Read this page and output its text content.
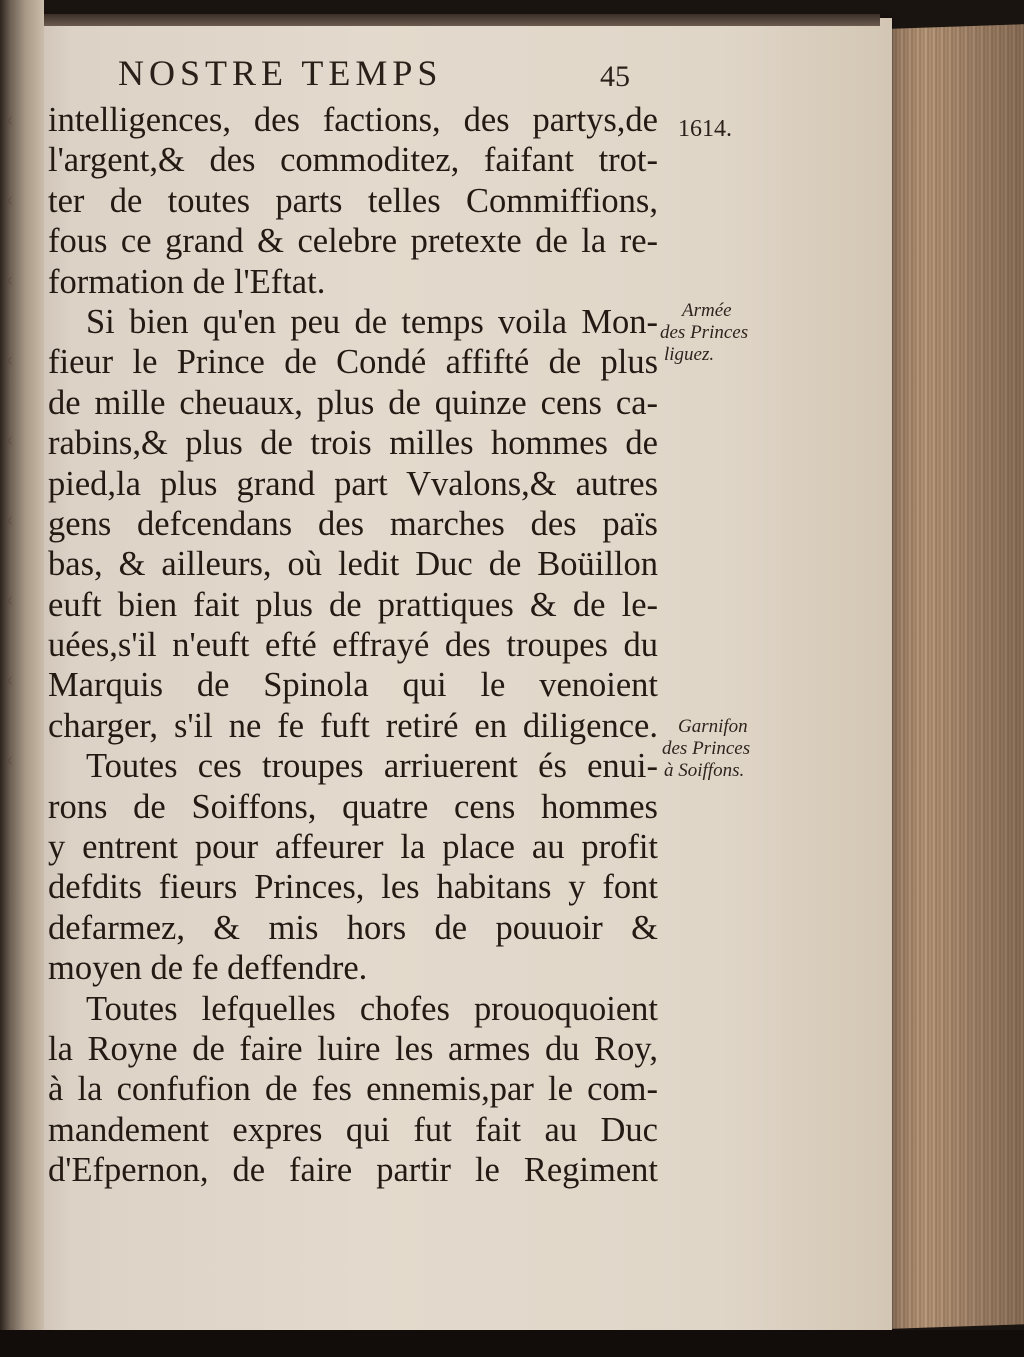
‹
‹
‹
‹
‹
‹
‹
‹
‹
NOSTRE TEMPS	45
1614.
intelligences, des factions, des partys,de
l'argent,& des commoditez, faifant trot-
ter de toutes parts telles Commiffions,
fous ce grand & celebre pretexte de la re-
formation de l'Eftat.
Si bien qu'en peu de temps voila Mon-
fieur le Prince de Condé affifté de plus
de mille cheuaux, plus de quinze cens ca-
rabins,& plus de trois milles hommes de
pied,la plus grand part Vvalons,& autres
gens defcendans des marches des païs
bas, & ailleurs, où ledit Duc de Boüillon
euft bien fait plus de prattiques & de le-
uées,s'il n'euft efté effrayé des troupes du
Marquis de Spinola qui le venoient
charger, s'il ne fe fuft retiré en diligence.
Toutes ces troupes arriuerent és enui-
rons de Soiffons, quatre cens hommes
y entrent pour affeurer la place au profit
defdits fieurs Princes, les habitans y font
defarmez, & mis hors de pouuoir &
moyen de fe deffendre.
Toutes lefquelles chofes prouoquoient
la Royne de faire luire les armes du Roy,
à la confufion de fes ennemis,par le com-
mandement expres qui fut fait au Duc
d'Efpernon, de faire partir le Regiment
Armée
des Princes
liguez.
Garnifon
des Princes
à Soiffons.
